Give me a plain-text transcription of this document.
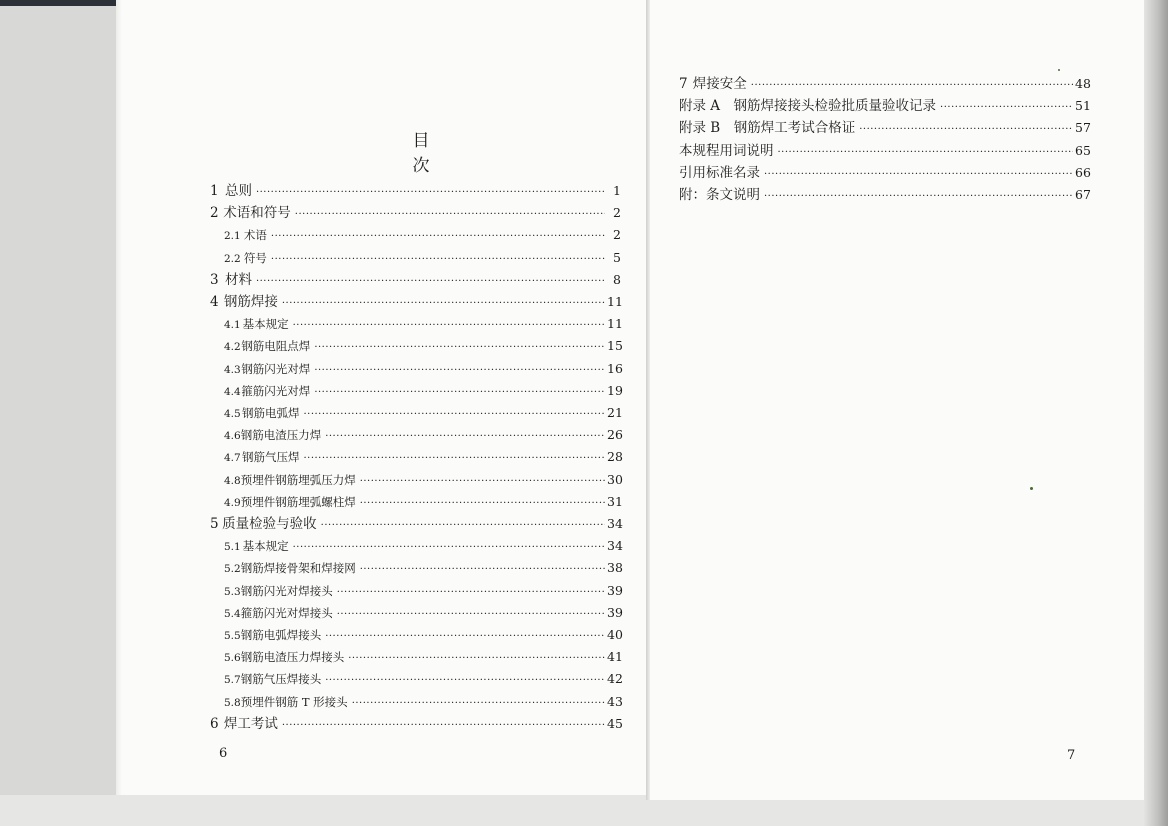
目　次
1 总则 ·····	1
2 术语和符号 ·····	2
2.1 术语 ·····	2
2.2 符号 ·····	5
3 材料 ·····	8
4 钢筋焊接 ·····	11
4.1 基本规定 ·····	11
4.2 钢筋电阻点焊 ·····	15
4.3 钢筋闪光对焊 ·····	16
4.4 箍筋闪光对焊 ·····	19
4.5 钢筋电弧焊 ·····	21
4.6 钢筋电渣压力焊 ·····	26
4.7 钢筋气压焊 ·····	28
4.8 预埋件钢筋埋弧压力焊 ·····	30
4.9 预埋件钢筋埋弧螺柱焊 ·····	31
5 质量检验与验收 ·····	34
5.1 基本规定 ·····	34
5.2 钢筋焊接骨架和焊接网 ·····	38
5.3 钢筋闪光对焊接头 ·····	39
5.4 箍筋闪光对焊接头 ·····	39
5.5 钢筋电弧焊接头 ·····	40
5.6 钢筋电渣压力焊接头 ·····	41
5.7 钢筋气压焊接头 ·····	42
5.8 预埋件钢筋 T 形接头 ·····	43
6 焊工考试 ·····	45
6
7 焊接安全 ·····	48
附录 A　钢筋焊接接头检验批质量验收记录 ·····	51
附录 B　钢筋焊工考试合格证 ·····	57
本规程用词说明 ·····	65
引用标准名录 ·····	66
附：条文说明 ·····	67
7
